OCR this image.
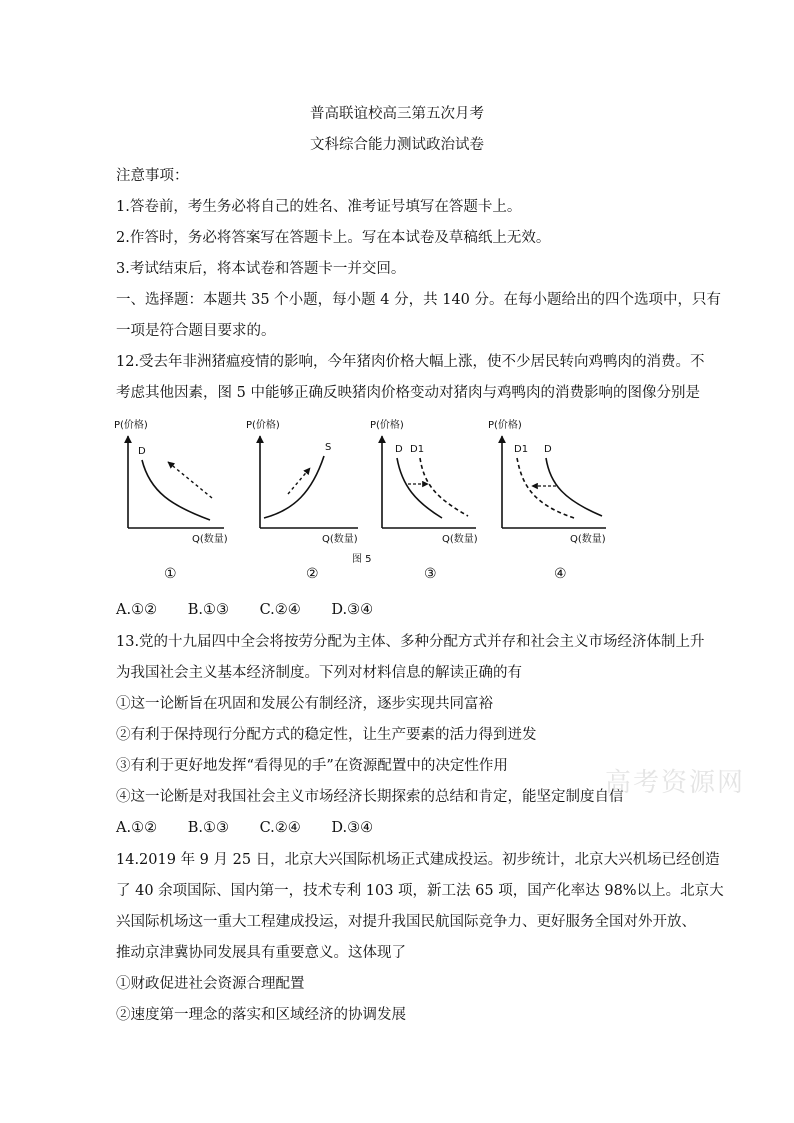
普高联谊校高三第五次月考
文科综合能力测试政治试卷
注意事项：
1.答卷前，考生务必将自己的姓名、准考证号填写在答题卡上。
2.作答时，务必将答案写在答题卡上。写在本试卷及草稿纸上无效。
3.考试结束后，将本试卷和答题卡一并交回。
一、选择题：本题共 35 个小题，每小题 4 分，共 140 分。在每小题给出的四个选项中，只有
一项是符合题目要求的。
12.受去年非洲猪瘟疫情的影响，今年猪肉价格大幅上涨，使不少居民转向鸡鸭肉的消费。不
考虑其他因素，图 5 中能够正确反映猪肉价格变动对猪肉与鸡鸭肉的消费影响的图像分别是
P(价格)
D
①
P(价格)
S
Q(数量)
②
P(价格)
D D1
Q(数量)
③
P(价格)
D1 D
Q(数量)
④
Q(数量)
图 5
A.①② B.①③ C.②④ D.③④
13.党的十九届四中全会将按劳分配为主体、多种分配方式并存和社会主义市场经济体制上升
为我国社会主义基本经济制度。下列对材料信息的解读正确的有
①这一论断旨在巩固和发展公有制经济，逐步实现共同富裕
②有利于保持现行分配方式的稳定性，让生产要素的活力得到迸发
③有利于更好地发挥“看得见的手”在资源配置中的决定性作用
④这一论断是对我国社会主义市场经济长期探索的总结和肯定，能坚定制度自信
高考资源网
A.①② B.①③ C.②④ D.③④
14.2019 年 9 月 25 日，北京大兴国际机场正式建成投运。初步统计，北京大兴机场已经创造
了 40 余项国际、国内第一，技术专利 103 项，新工法 65 项，国产化率达 98%以上。北京大
兴国际机场这一重大工程建成投运，对提升我国民航国际竞争力、更好服务全国对外开放、
推动京津冀协同发展具有重要意义。这体现了
①财政促进社会资源合理配置
②速度第一理念的落实和区域经济的协调发展
